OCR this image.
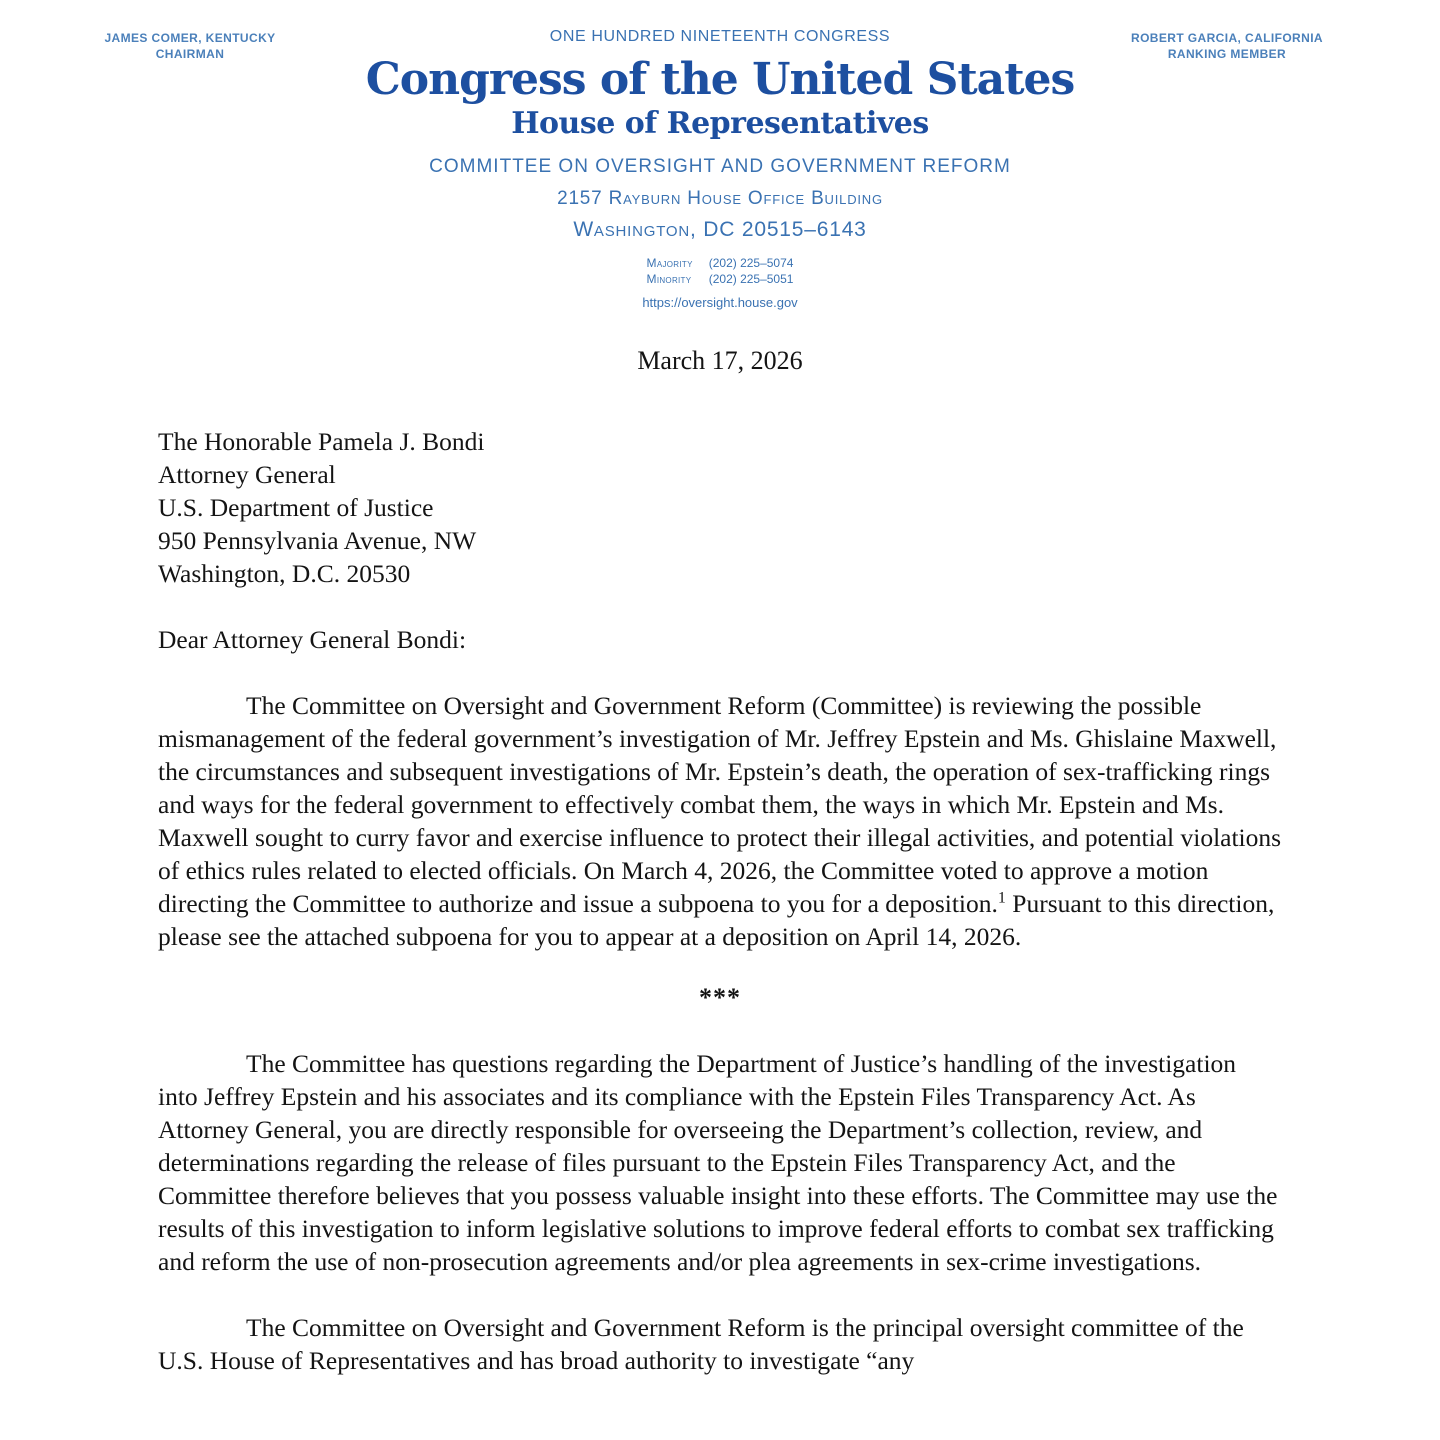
JAMES COMER, KENTUCKY
CHAIRMAN
ROBERT GARCIA, CALIFORNIA
RANKING MEMBER
ONE HUNDRED NINETEENTH CONGRESS
Congress of the United States
House of Representatives
COMMITTEE ON OVERSIGHT AND GOVERNMENT REFORM
2157 Rayburn House Office Building
Washington, DC 20515–6143
Majority (202) 225–5074
Minority (202) 225–5051
https://oversight.house.gov
March 17, 2026
The Honorable Pamela J. Bondi
Attorney General
U.S. Department of Justice
950 Pennsylvania Avenue, NW
Washington, D.C. 20530
Dear Attorney General Bondi:

The Committee on Oversight and Government Reform (Committee) is reviewing the possible mismanagement of the federal government’s investigation of Mr. Jeffrey Epstein and Ms. Ghislaine Maxwell, the circumstances and subsequent investigations of Mr. Epstein’s death, the operation of sex-trafficking rings and ways for the federal government to effectively combat them, the ways in which Mr. Epstein and Ms. Maxwell sought to curry favor and exercise influence to protect their illegal activities, and potential violations of ethics rules related to elected officials. On March 4, 2026, the Committee voted to approve a motion directing the Committee to authorize and issue a subpoena to you for a deposition.$^1$ Pursuant to this direction, please see the attached subpoena for you to appear at a deposition on April 14, 2026.

***

The Committee has questions regarding the Department of Justice’s handling of the investigation into Jeffrey Epstein and his associates and its compliance with the Epstein Files Transparency Act. As Attorney General, you are directly responsible for overseeing the Department’s collection, review, and determinations regarding the release of files pursuant to the Epstein Files Transparency Act, and the Committee therefore believes that you possess valuable insight into these efforts. The Committee may use the results of this investigation to inform legislative solutions to improve federal efforts to combat sex trafficking and reform the use of non-prosecution agreements and/or plea agreements in sex-crime investigations.

The Committee on Oversight and Government Reform is the principal oversight committee of the U.S. House of Representatives and has broad authority to investigate “any
